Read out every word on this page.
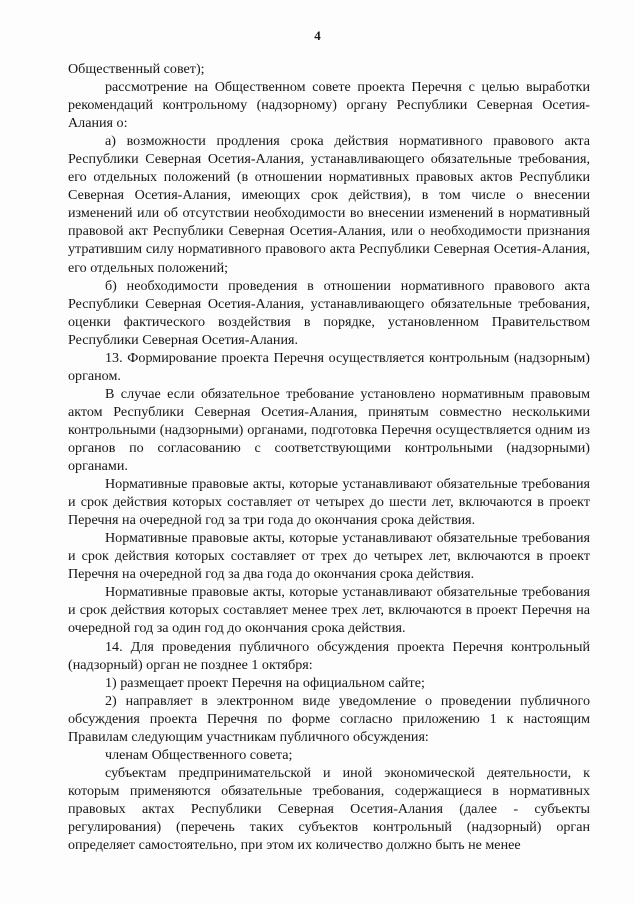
4

Общественный совет);

рассмотрение на Общественном совете проекта Перечня с целью выработки рекомендаций контрольному (надзорному) органу Республики Северная Осетия-Алания о:

а) возможности продления срока действия нормативного правового акта Республики Северная Осетия-Алания, устанавливающего обязательные требования, его отдельных положений (в отношении нормативных правовых актов Республики Северная Осетия-Алания, имеющих срок действия), в том числе о внесении изменений или об отсутствии необходимости во внесении изменений в нормативный правовой акт Республики Северная Осетия-Алания, или о необходимости признания утратившим силу нормативного правового акта Республики Северная Осетия-Алания, его отдельных положений;

б) необходимости проведения в отношении нормативного правового акта Республики Северная Осетия-Алания, устанавливающего обязательные требования, оценки фактического воздействия в порядке, установленном Правительством Республики Северная Осетия-Алания.

13. Формирование проекта Перечня осуществляется контрольным (надзорным) органом.

В случае если обязательное требование установлено нормативным правовым актом Республики Северная Осетия-Алания, принятым совместно несколькими контрольными (надзорными) органами, подготовка Перечня осуществляется одним из органов по согласованию с соответствующими контрольными (надзорными) органами.

Нормативные правовые акты, которые устанавливают обязательные требования и срок действия которых составляет от четырех до шести лет, включаются в проект Перечня на очередной год за три года до окончания срока действия.

Нормативные правовые акты, которые устанавливают обязательные требования и срок действия которых составляет от трех до четырех лет, включаются в проект Перечня на очередной год за два года до окончания срока действия.

Нормативные правовые акты, которые устанавливают обязательные требования и срок действия которых составляет менее трех лет, включаются в проект Перечня на очередной год за один год до окончания срока действия.

14. Для проведения публичного обсуждения проекта Перечня контрольный (надзорный) орган не позднее 1 октября:

1) размещает проект Перечня на официальном сайте;

2) направляет в электронном виде уведомление о проведении публичного обсуждения проекта Перечня по форме согласно приложению 1 к настоящим Правилам следующим участникам публичного обсуждения:

членам Общественного совета;

субъектам предпринимательской и иной экономической деятельности, к которым применяются обязательные требования, содержащиеся в нормативных правовых актах Республики Северная Осетия-Алания (далее - субъекты регулирования) (перечень таких субъектов контрольный (надзорный) орган определяет самостоятельно, при этом их количество должно быть не менее
